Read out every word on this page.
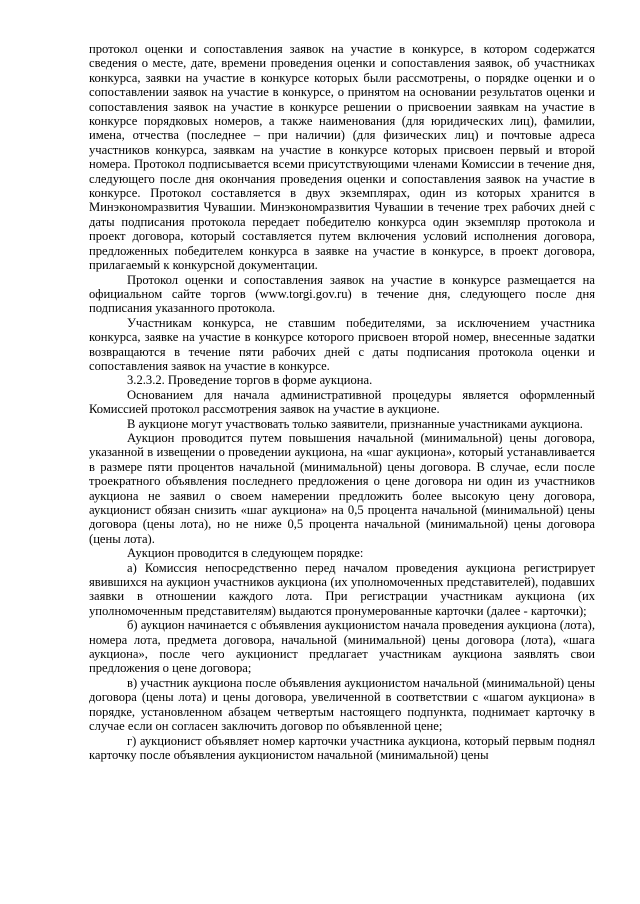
протокол оценки и сопоставления заявок на участие в конкурсе, в котором содержатся сведения о месте, дате, времени проведения оценки и сопоставления заявок, об участниках конкурса, заявки на участие в конкурсе которых были рассмотрены, о порядке оценки и о сопоставлении заявок на участие в конкурсе, о принятом на основании результатов оценки и сопоставления заявок на участие в конкурсе решении о присвоении заявкам на участие в конкурсе порядковых номеров, а также наименования (для юридических лиц), фамилии, имена, отчества (последнее – при наличии) (для физических лиц) и почтовые адреса участников конкурса, заявкам на участие в конкурсе которых присвоен первый и второй номера. Протокол подписывается всеми присутствующими членами Комиссии в течение дня, следующего после дня окончания проведения оценки и сопоставления заявок на участие в конкурсе. Протокол составляется в двух экземплярах, один из которых хранится в Минэкономразвития Чувашии. Минэкономразвития Чувашии в течение трех рабочих дней с даты подписания протокола передает победителю конкурса один экземпляр протокола и проект договора, который составляется путем включения условий исполнения договора, предложенных победителем конкурса в заявке на участие в конкурсе, в проект договора, прилагаемый к конкурсной документации.

Протокол оценки и сопоставления заявок на участие в конкурсе размещается на официальном сайте торгов (www.torgi.gov.ru) в течение дня, следующего после дня подписания указанного протокола.

Участникам конкурса, не ставшим победителями, за исключением участника конкурса, заявке на участие в конкурсе которого присвоен второй номер, внесенные задатки возвращаются в течение пяти рабочих дней с даты подписания протокола оценки и сопоставления заявок на участие в конкурсе.

3.2.3.2. Проведение торгов в форме аукциона.

Основанием для начала административной процедуры является оформленный Комиссией протокол рассмотрения заявок на участие в аукционе.

В аукционе могут участвовать только заявители, признанные участниками аукциона.

Аукцион проводится путем повышения начальной (минимальной) цены договора, указанной в извещении о проведении аукциона, на «шаг аукциона», который устанавливается в размере пяти процентов начальной (минимальной) цены договора. В случае, если после троекратного объявления последнего предложения о цене договора ни один из участников аукциона не заявил о своем намерении предложить более высокую цену договора, аукционист обязан снизить «шаг аукциона» на 0,5 процента начальной (минимальной) цены договора (цены лота), но не ниже 0,5 процента начальной (минимальной) цены договора (цены лота).

Аукцион проводится в следующем порядке:

а) Комиссия непосредственно перед началом проведения аукциона регистрирует явившихся на аукцион участников аукциона (их уполномоченных представителей), подавших заявки в отношении каждого лота. При регистрации участникам аукциона (их уполномоченным представителям) выдаются пронумерованные карточки (далее - карточки);

б) аукцион начинается с объявления аукционистом начала проведения аукциона (лота), номера лота, предмета договора, начальной (минимальной) цены договора (лота), «шага аукциона», после чего аукционист предлагает участникам аукциона заявлять свои предложения о цене договора;

в) участник аукциона после объявления аукционистом начальной (минимальной) цены договора (цены лота) и цены договора, увеличенной в соответствии с «шагом аукциона» в порядке, установленном абзацем четвертым настоящего подпункта, поднимает карточку в случае если он согласен заключить договор по объявленной цене;

г) аукционист объявляет номер карточки участника аукциона, который первым поднял карточку после объявления аукционистом начальной (минимальной) цены
